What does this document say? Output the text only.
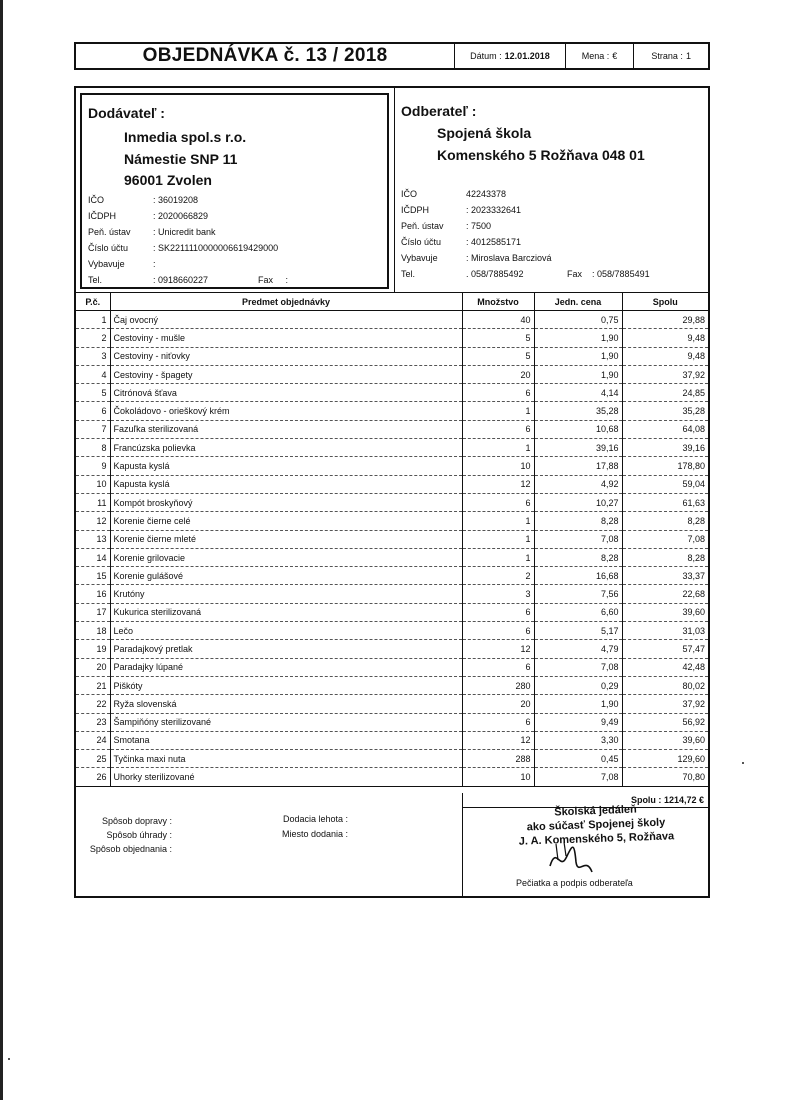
OBJEDNÁVKA č. 13 / 2018	Dátum : 12.01.2018	Mena : €	Strana : 1
Dodávateľ :
Inmedia spol.s r.o.
Námestie SNP 11
96001 Zvolen
IČO	: 36019208
IČDPH	: 2020066829
Peň. ústav	: Unicredit bank
Číslo účtu	: SK2211110000006619429000
Vybavuje	:
Tel.	: 0918660227	Fax :
Odberateľ :
Spojená škola
Komenského 5 Rožňava 048 01
IČO	42243378
IČDPH	: 2023332641
Peň. ústav	: 7500
Číslo účtu	: 4012585171
Vybavuje	: Miroslava Barcziová
Tel.	. 058/7885492	Fax : 058/7885491
P.č.	Predmet objednávky	Množstvo	Jedn. cena	Spolu
1	Čaj ovocný	40	0,75	29,88
2	Cestoviny - mušle	5	1,90	9,48
3	Cestoviny - niťovky	5	1,90	9,48
4	Cestoviny - špagety	20	1,90	37,92
5	Citrónová šťava	6	4,14	24,85
6	Čokoládovo - orieškový krém	1	35,28	35,28
7	Fazuľka sterilizovaná	6	10,68	64,08
8	Francúzska polievka	1	39,16	39,16
9	Kapusta kyslá	10	17,88	178,80
10	Kapusta kyslá	12	4,92	59,04
11	Kompót broskyňový	6	10,27	61,63
12	Korenie čierne celé	1	8,28	8,28
13	Korenie čierne mleté	1	7,08	7,08
14	Korenie grilovacie	1	8,28	8,28
15	Korenie gulášové	2	16,68	33,37
16	Krutóny	3	7,56	22,68
17	Kukurica sterilizovaná	6	6,60	39,60
18	Lečo	6	5,17	31,03
19	Paradajkový pretlak	12	4,79	57,47
20	Paradajky lúpané	6	7,08	42,48
21	Piškóty	280	0,29	80,02
22	Ryža slovenská	20	1,90	37,92
23	Šampiňóny sterilizované	6	9,49	56,92
24	Smotana	12	3,30	39,60
25	Tyčinka maxi nuta	288	0,45	129,60
26	Uhorky sterilizované	10	7,08	70,80
Spolu : 1214,72 €
Spôsob dopravy :
Spôsob úhrady :
Spôsob objednania :
Dodacia lehota :
Miesto dodania :
Školská jedáleň
ako súčasť Spojenej školy
J. A. Komenského 5, Rožňava
Pečiatka a podpis odberateľa
